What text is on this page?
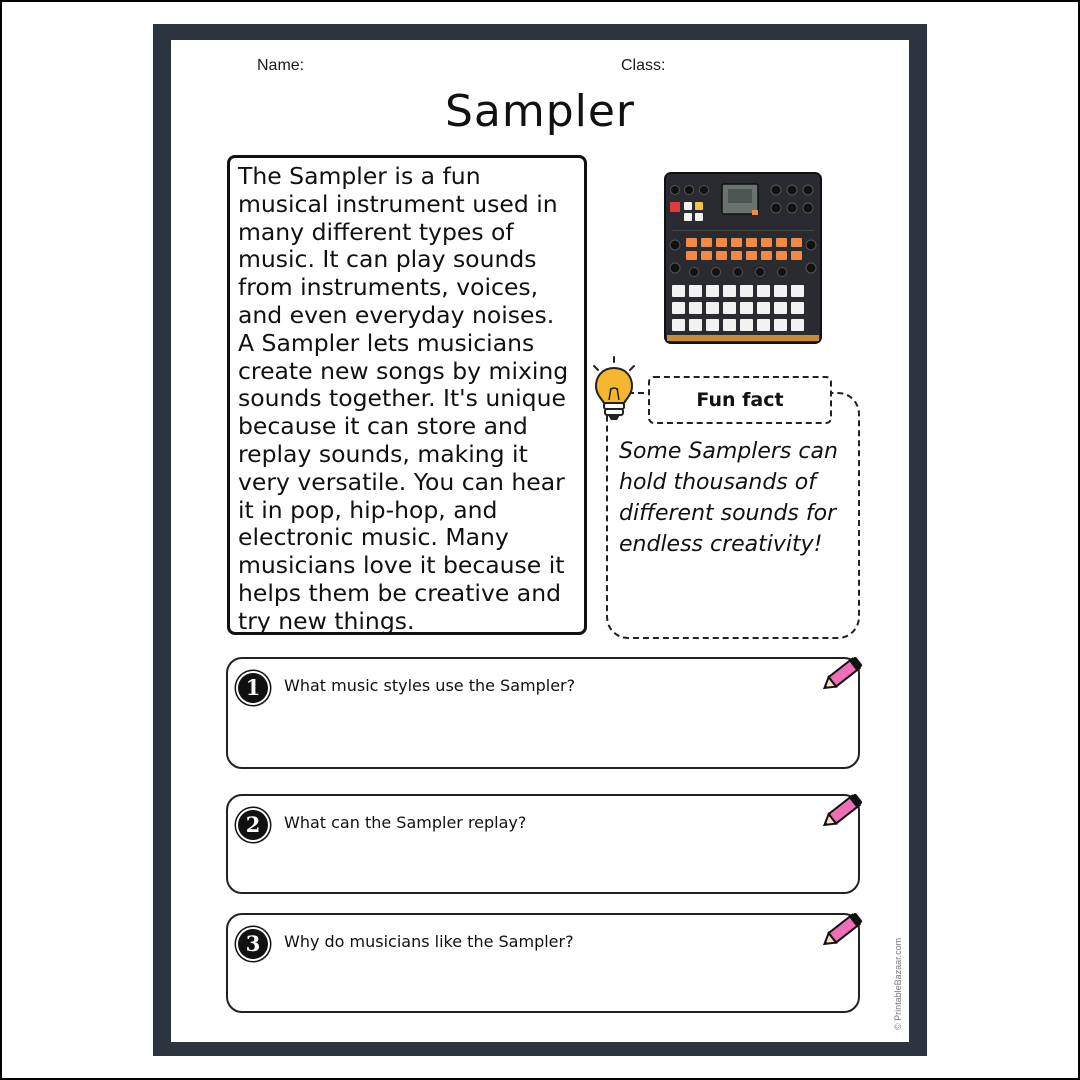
Name:	Class:
Sampler

The Sampler is a fun musical instrument used in many different types of music. It can play sounds from instruments, voices, and even everyday noises. A Sampler lets musicians create new songs by mixing sounds together. It's unique because it can store and replay sounds, making it very versatile. You can hear it in pop, hip-hop, and electronic music. Many musicians love it because it helps them be creative and try new things.

Fun fact
Some Samplers can hold thousands of different sounds for endless creativity!
1	What music styles use the Sampler?
2	What can the Sampler replay?
3	Why do musicians like the Sampler?	© PrintableBazaar.com
